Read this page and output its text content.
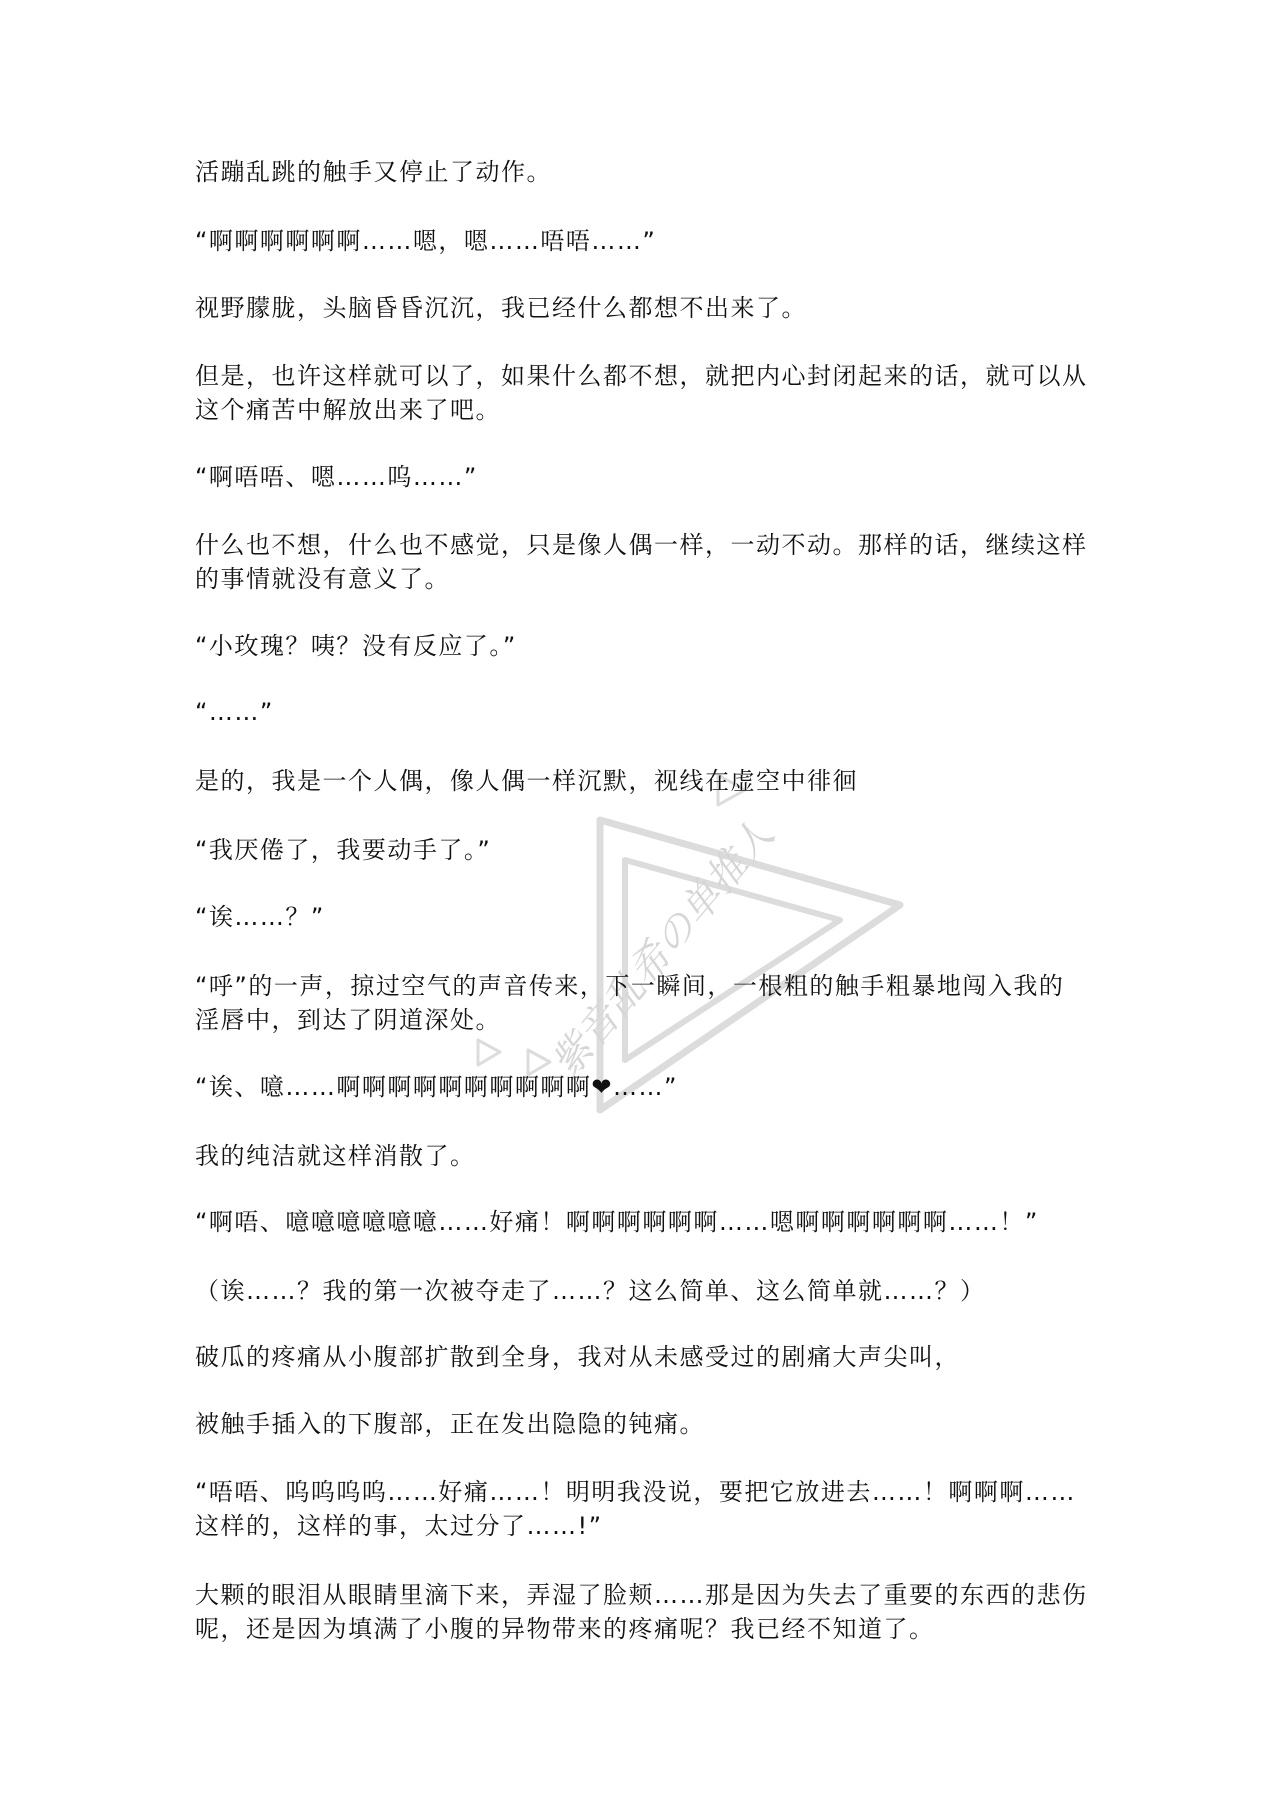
紫音乱希の单推人
活蹦乱跳的触手又停止了动作。
“啊啊啊啊啊啊……嗯，嗯……唔唔……”
视野朦胧，头脑昏昏沉沉，我已经什么都想不出来了。
但是，也许这样就可以了，如果什么都不想，就把内心封闭起来的话，就可以从
这个痛苦中解放出来了吧。
“啊唔唔、嗯……呜……”
什么也不想，什么也不感觉，只是像人偶一样，一动不动。那样的话，继续这样
的事情就没有意义了。
“小玫瑰？咦？没有反应了。”
“……”
是的，我是一个人偶，像人偶一样沉默，视线在虚空中徘徊
“我厌倦了，我要动手了。”
“诶……？”
“呼”的一声，掠过空气的声音传来，下一瞬间，一根粗的触手粗暴地闯入我的
淫唇中，到达了阴道深处。
“诶、噫……啊啊啊啊啊啊啊啊啊啊❤……”
我的纯洁就这样消散了。
“啊唔、噫噫噫噫噫噫……好痛！啊啊啊啊啊啊……嗯啊啊啊啊啊啊……！”
（诶……？我的第一次被夺走了……？这么简单、这么简单就……？）
破瓜的疼痛从小腹部扩散到全身，我对从未感受过的剧痛大声尖叫，
被触手插入的下腹部，正在发出隐隐的钝痛。
“唔唔、呜呜呜呜……好痛……！明明我没说，要把它放进去……！啊啊啊……
这样的，这样的事，太过分了……!”
大颗的眼泪从眼睛里滴下来，弄湿了脸颊……那是因为失去了重要的东西的悲伤
呢，还是因为填满了小腹的异物带来的疼痛呢？我已经不知道了。
